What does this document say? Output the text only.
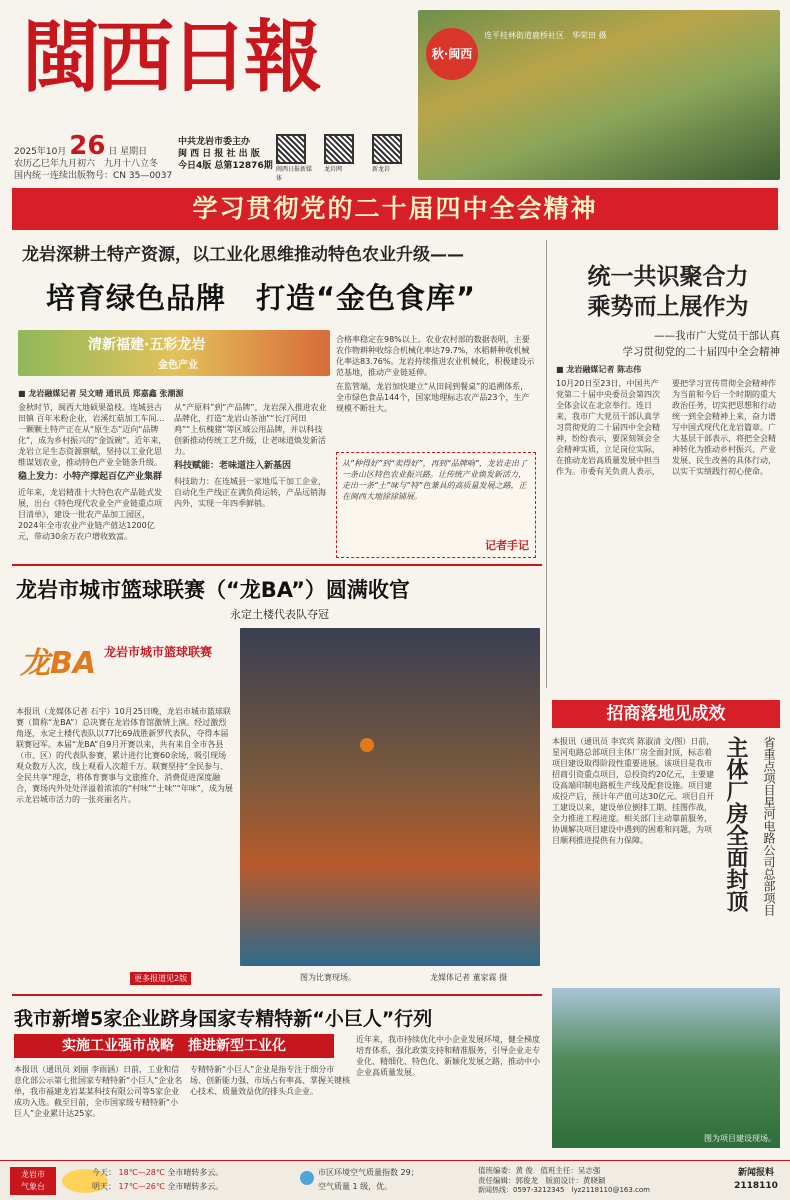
閩西日報
2025年10月 26 日 星期日
农历乙巳年九月初六　九月十八立冬
国内统一连续出版物号：CN 35—0037
中共龙岩市委主办
闽 西 日 报 社 出 版
今日4版 总第12876期 闽西日报新媒体
龙岩网	新龙岩
秋·闽西
连平桂林街道鹿桥社区　华荣田 摄
学习贯彻党的二十届四中全会精神
龙岩深耕土特产资源，以工业化思维推动特色农业升级——
培育绿色品牌　打造“金色食库”
清新福建·五彩龙岩
金色产业
■ 龙岩融媒记者 吴文晴 通讯员 郑嘉鑫 张潮源

金秋时节，闽西大地硕果盈枝。连城县古田镇 百年米粉企业，岩溪红菇加工车间…一颗颗土特产正在从“原生态”迈向“品牌化”，成为乡村振兴的“金饭碗”。近年来，龙岩立足生态资源禀赋，坚持以工业化思维谋划农业，推动特色产业全链条升级。

稳上发力：小特产撑起百亿产业集群

近年来，龙岩精准十大特色农产品链式发展，出台《特色现代农业全产业链重点项目清单》，建设一批农产品加工园区，2024年全市农业产业链产值达1200亿元，带动30余万农户增收致富。

从“产原料”到“产品牌”，龙岩深入推进农业品牌化，打造“龙岩山茶油”“长汀河田鸡”“上杭槐猪”等区域公用品牌，并以科技创新推动传统工艺升级，让老味道焕发新活力。

科技赋能：老味道注入新基因

科技助力：在连城县一家地瓜干加工企业，自动化生产线正在满负荷运转，产品远销海内外，实现一年四季鲜销。

合格率稳定在98%以上。农业农村部的数据表明，主要农作物耕种收综合机械化率达79.7%，水稻耕种收机械化率达83.76%。龙岩持续推进农业机械化，积极建设示范基地，推动产业链延伸。

在监管端，龙岩加快建立“从田间到餐桌”的追溯体系，全市绿色食品144个，国家地理标志农产品23个，生产规模不断壮大。

从“种得好”到“卖得好”，再到“品牌响”，龙岩走出了一条山区特色农业振兴路。让传统产业焕发新活力，走出一条“土”味与“特”色兼具的高质量发展之路，正在闽西大地徐徐铺展。
记者手记
统一共识聚合力
乘势而上展作为
——我市广大党员干部认真
学习贯彻党的二十届四中全会精神
■ 龙岩融媒记者 陈志伟
10月20日至23日，中国共产党第二十届中央委员会第四次全体会议在北京举行。连日来，我市广大党员干部认真学习贯彻党的二十届四中全会精神，纷纷表示，要深刻领会全会精神实质，立足岗位实际，在推动龙岩高质量发展中担当作为。市委有关负责人表示，要把学习宣传贯彻全会精神作为当前和今后一个时期的重大政治任务，切实把思想和行动统一到全会精神上来，奋力谱写中国式现代化龙岩篇章。广大基层干部表示，将把全会精神转化为推动乡村振兴、产业发展、民生改善的具体行动，以实干实绩践行初心使命。
龙岩市城市篮球联赛（“龙BA”）圆满收官
永定土楼代表队夺冠
龙BA 龙岩市城市篮球联赛
本报讯（龙媒体记者 石宇）10月25日晚，龙岩市城市篮球联赛（简称“龙BA”）总决赛在龙岩体育馆激情上演。经过激烈角逐，永定土楼代表队以77比69战胜新罗代表队，夺得本届联赛冠军。本届“龙BA”自9月开赛以来，共有来自全市各县（市、区）的代表队参赛，累计进行比赛60余场，吸引现场观众数万人次，线上观看人次超千万。联赛坚持“全民参与、全民共享”理念，将体育赛事与文旅推介、消费促进深度融合，赛场内外处处洋溢着浓浓的“村味”“土味”“年味”，成为展示龙岩城市活力的一张亮丽名片。
更多报道见2版	图为比赛现场。	龙媒体记者 董家霖 摄
招商落地见成效
主体厂房全面封顶	省重点项目星河电路公司总部项目
本报讯（通讯员 李宾宾 陈淑清 文/图）日前，星河电路总部项目主体厂房全面封顶，标志着项目建设取得阶段性重要进展。该项目是我市招商引资重点项目，总投资约20亿元，主要建设高端印制电路板生产线及配套设施。项目建成投产后，预计年产值可达30亿元。项目自开工建设以来，建设单位倒排工期、挂图作战，全力推进工程进度。相关部门主动靠前服务，协调解决项目建设中遇到的困难和问题，为项目顺利推进提供有力保障。
图为项目建设现场。
我市新增5家企业跻身国家专精特新“小巨人”行列
实施工业强市战略　推进新型工业化
本报讯（通讯员 刘丽 李雨涵）日前，工业和信息化部公示第七批国家专精特新“小巨人”企业名单，我市福建龙岩某某科技有限公司等5家企业成功入选。截至目前，全市国家级专精特新“小巨人”企业累计达25家。
专精特新“小巨人”企业是指专注于细分市场、创新能力强、市场占有率高、掌握关键核心技术、质量效益优的排头兵企业。
近年来，我市持续优化中小企业发展环境，健全梯度培育体系，强化政策支持和精准服务，引导企业走专业化、精细化、特色化、新颖化发展之路，推动中小企业高质量发展。
龙岩市
气象台
今天： 18℃—28℃ 全市晴转多云。
明天： 17℃—26℃ 全市晴转多云。
市区环境空气质量指数 29；
空气质量 1 级，优。
值班编委：黄 俊　值班主任：吴志强
责任编辑：郭俊龙　版面设计：黄晓颖
新闻热线：0597-3212345　lyz2118110@163.com
新闻报料
2118110
